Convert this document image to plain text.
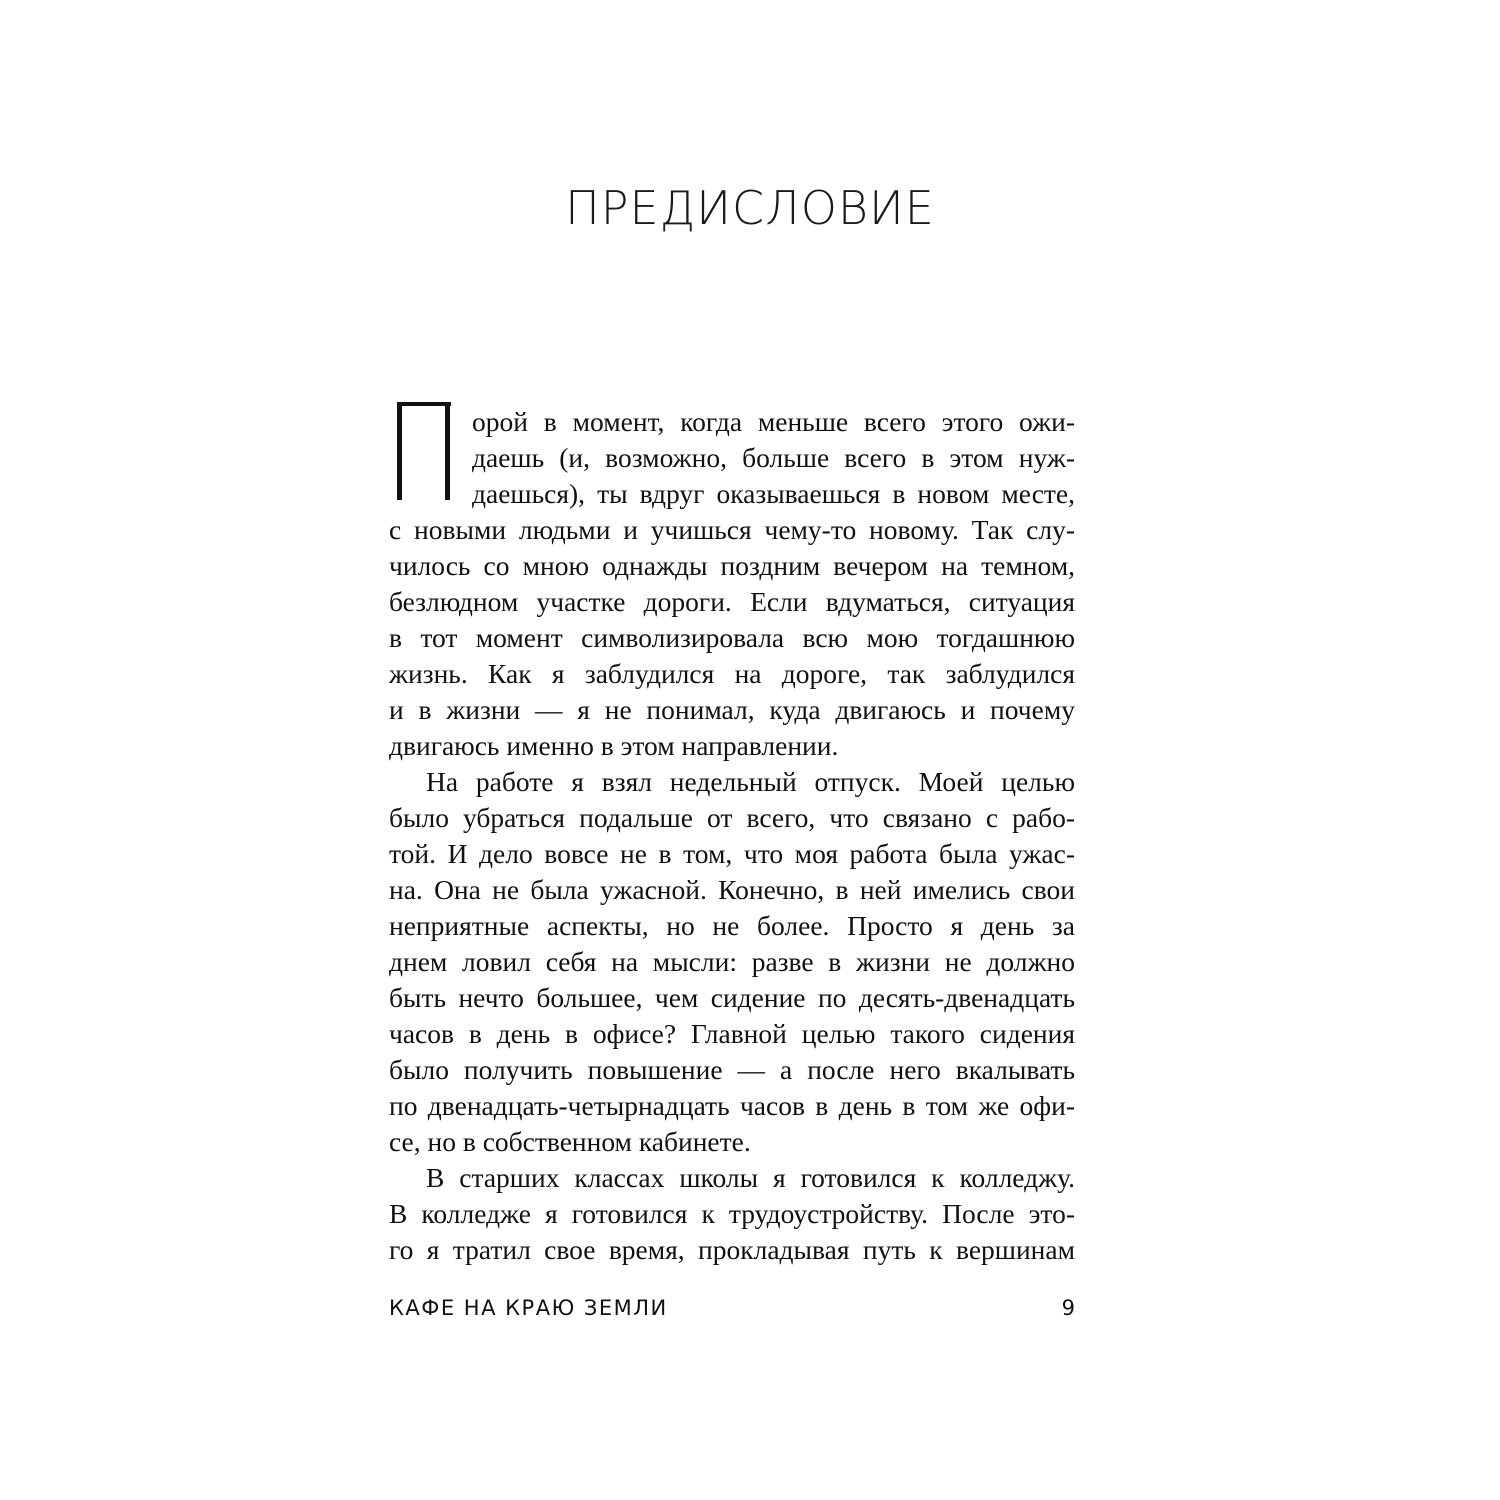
ПРЕДИСЛОВИЕ
орой в момент, когда меньше всего этого ожи-
даешь (и, возможно, больше всего в этом нуж-
даешься), ты вдруг оказываешься в новом месте,
с новыми людьми и учишься чему-то новому. Так слу-
чилось со мною однажды поздним вечером на темном,
безлюдном участке дороги. Если вдуматься, ситуация
в тот момент символизировала всю мою тогдашнюю
жизнь. Как я заблудился на дороге, так заблудился
и в жизни — я не понимал, куда двигаюсь и почему
двигаюсь именно в этом направлении.
На работе я взял недельный отпуск. Моей целью
было убраться подальше от всего, что связано с рабо-
той. И дело вовсе не в том, что моя работа была ужас-
на. Она не была ужасной. Конечно, в ней имелись свои
неприятные аспекты, но не более. Просто я день за
днем ловил себя на мысли: разве в жизни не должно
быть нечто большее, чем сидение по десять-двенадцать
часов в день в офисе? Главной целью такого сидения
было получить повышение — а после него вкалывать
по двенадцать-четырнадцать часов в день в том же офи-
се, но в собственном кабинете.
В старших классах школы я готовился к колледжу.
В колледже я готовился к трудоустройству. После это-
го я тратил свое время, прокладывая путь к вершинам
КАФЕ НА КРАЮ ЗЕМЛИ	9
